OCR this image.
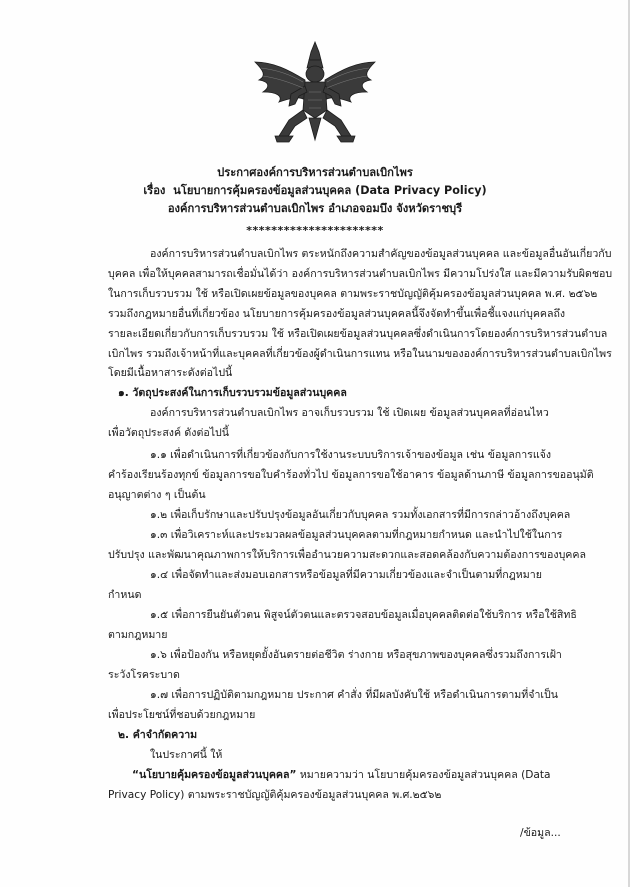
ประกาศองค์การบริหารส่วนตำบลเบิกไพร
เรื่อง นโยบายการคุ้มครองข้อมูลส่วนบุคคล (Data Privacy Policy)
องค์การบริหารส่วนตำบลเบิกไพร อำเภอจอมบึง จังหวัดราชบุรี
**********************
องค์การบริหารส่วนตำบลเบิกไพร ตระหนักถึงความสำคัญของข้อมูลส่วนบุคคล และข้อมูลอื่นอันเกี่ยวกับ
บุคคล เพื่อให้บุคคลสามารถเชื่อมั่นได้ว่า องค์การบริหารส่วนตำบลเบิกไพร มีความโปร่งใส และมีความรับผิดชอบ
ในการเก็บรวบรวม ใช้ หรือเปิดเผยข้อมูลของบุคคล ตามพระราชบัญญัติคุ้มครองข้อมูลส่วนบุคคล พ.ศ. ๒๕๖๒
รวมถึงกฎหมายอื่นที่เกี่ยวข้อง นโยบายการคุ้มครองข้อมูลส่วนบุคคลนี้จึงจัดทำขึ้นเพื่อชี้แจงแก่บุคคลถึง
รายละเอียดเกี่ยวกับการเก็บรวบรวม ใช้ หรือเปิดเผยข้อมูลส่วนบุคคลซึ่งดำเนินการโดยองค์การบริหารส่วนตำบล
เบิกไพร รวมถึงเจ้าหน้าที่และบุคคลที่เกี่ยวข้องผู้ดำเนินการแทน หรือในนามขององค์การบริหารส่วนตำบลเบิกไพร
โดยมีเนื้อหาสาระดังต่อไปนี้
๑. วัตถุประสงค์ในการเก็บรวบรวมข้อมูลส่วนบุคคล
องค์การบริหารส่วนตำบลเบิกไพร อาจเก็บรวบรวม ใช้ เปิดเผย ข้อมูลส่วนบุคคลที่อ่อนไหว
เพื่อวัตถุประสงค์ ดังต่อไปนี้
๑.๑ เพื่อดำเนินการที่เกี่ยวข้องกับการใช้งานระบบบริการเจ้าของข้อมูล เช่น ข้อมูลการแจ้ง
คำร้องเรียนร้องทุกข์ ข้อมูลการขอใบคำร้องทั่วไป ข้อมูลการขอใช้อาคาร ข้อมูลด้านภาษี ข้อมูลการขออนุมัติ
อนุญาตต่าง ๆ เป็นต้น
๑.๒ เพื่อเก็บรักษาและปรับปรุงข้อมูลอันเกี่ยวกับบุคคล รวมทั้งเอกสารที่มีการกล่าวอ้างถึงบุคคล
๑.๓ เพื่อวิเคราะห์และประมวลผลข้อมูลส่วนบุคคลตามที่กฎหมายกำหนด และนำไปใช้ในการ
ปรับปรุง และพัฒนาคุณภาพการให้บริการเพื่ออำนวยความสะดวกและสอดคล้องกับความต้องการของบุคคล
๑.๔ เพื่อจัดทำและส่งมอบเอกสารหรือข้อมูลที่มีความเกี่ยวข้องและจำเป็นตามที่กฎหมาย
กำหนด
๑.๕ เพื่อการยืนยันตัวตน พิสูจน์ตัวตนและตรวจสอบข้อมูลเมื่อบุคคลติดต่อใช้บริการ หรือใช้สิทธิ
ตามกฎหมาย
๑.๖ เพื่อป้องกัน หรือหยุดยั้งอันตรายต่อชีวิต ร่างกาย หรือสุขภาพของบุคคลซึ่งรวมถึงการเฝ้า
ระวังโรคระบาด
๑.๗ เพื่อการปฏิบัติตามกฎหมาย ประกาศ คำสั่ง ที่มีผลบังคับใช้ หรือดำเนินการตามที่จำเป็น
เพื่อประโยชน์ที่ชอบด้วยกฎหมาย
๒. คำจำกัดความ
ในประกาศนี้ ให้
“นโยบายคุ้มครองข้อมูลส่วนบุคคล” หมายความว่า นโยบายคุ้มครองข้อมูลส่วนบุคคล (Data
Privacy Policy) ตามพระราชบัญญัติคุ้มครองข้อมูลส่วนบุคคล พ.ศ.๒๕๖๒
/ข้อมูล...
